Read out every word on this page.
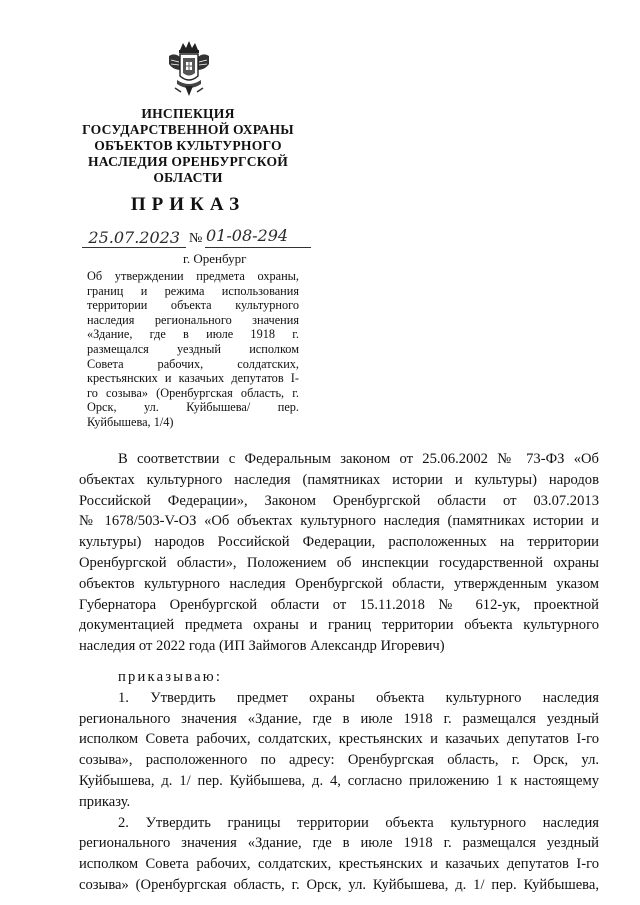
ИНСПЕКЦИЯ
ГОСУДАРСТВЕННОЙ ОХРАНЫ
ОБЪЕКТОВ КУЛЬТУРНОГО
НАСЛЕДИЯ ОРЕНБУРГСКОЙ
ОБЛАСТИ
ПРИКАЗ
25.07.2023 № 01-08-294
г. Оренбург
Об утверждении предмета охраны,
границ и режима использования
территории объекта культурного
наследия регионального значения
«Здание, где в июле 1918 г.
размещался уездный исполком
Совета рабочих, солдатских,
крестьянских и казачьих депутатов I-
го созыва» (Оренбургская область, г.
Орск, ул. Куйбышева/ пер.
Куйбышева, 1/4)
В соответствии с Федеральным законом от 25.06.2002 № 73-ФЗ «Об
объектах культурного наследия (памятниках истории и культуры) народов
Российской Федерации», Законом Оренбургской области от 03.07.2013
№ 1678/503-V-ОЗ «Об объектах культурного наследия (памятниках истории и
культуры) народов Российской Федерации, расположенных на территории
Оренбургской области», Положением об инспекции государственной охраны
объектов культурного наследия Оренбургской области, утвержденным указом
Губернатора Оренбургской области от 15.11.2018 № 612-ук, проектной
документацией предмета охраны и границ территории объекта культурного
наследия от 2022 года (ИП Займогов Александр Игоревич)
приказываю:
1. Утвердить предмет охраны объекта культурного наследия
регионального значения «Здание, где в июле 1918 г. размещался уездный
исполком Совета рабочих, солдатских, крестьянских и казачьих депутатов I-го
созыва», расположенного по адресу: Оренбургская область, г. Орск, ул.
Куйбышева, д. 1/ пер. Куйбышева, д. 4, согласно приложению 1 к настоящему
приказу.
2. Утвердить границы территории объекта культурного наследия
регионального значения «Здание, где в июле 1918 г. размещался уездный
исполком Совета рабочих, солдатских, крестьянских и казачьих депутатов I-го
созыва» (Оренбургская область, г. Орск, ул. Куйбышева, д. 1/ пер. Куйбышева,
